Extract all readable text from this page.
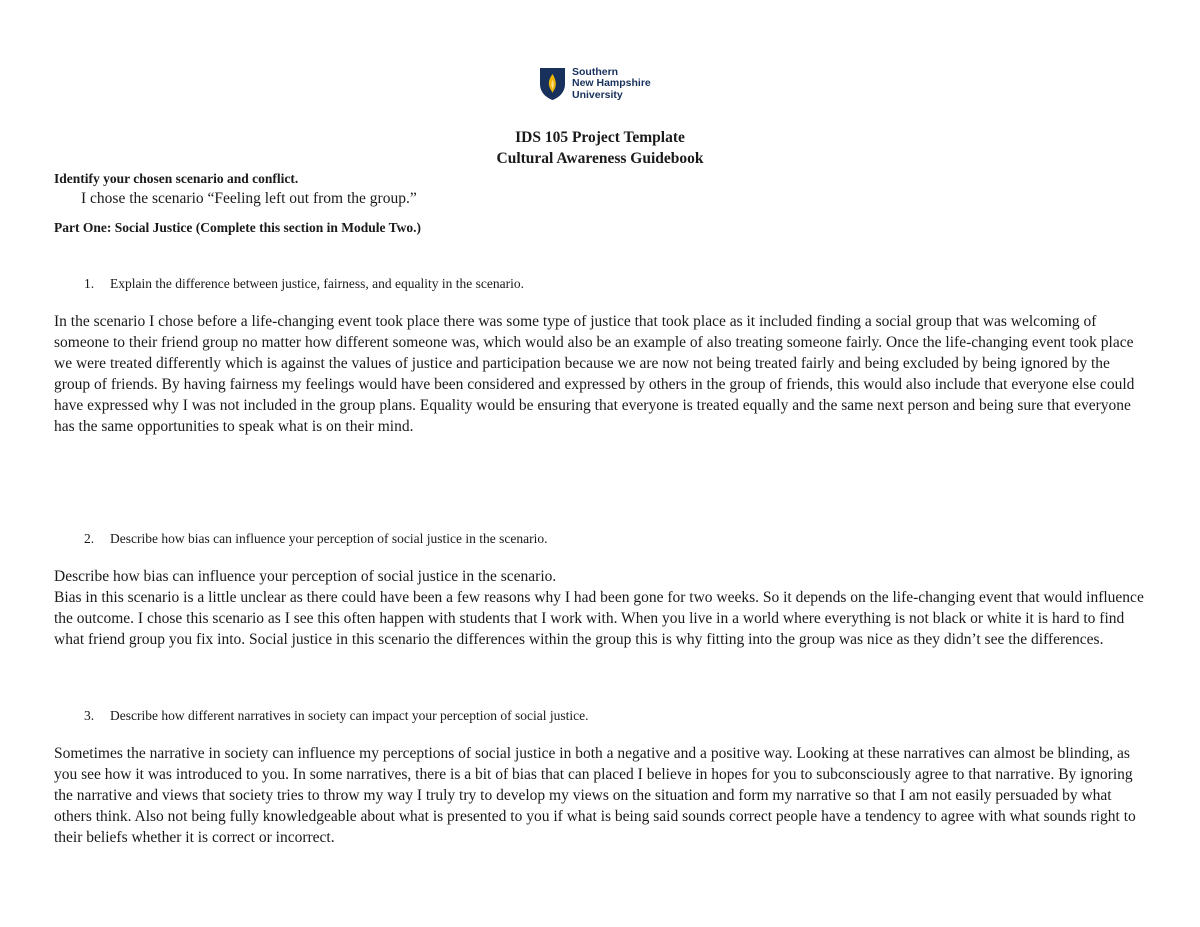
Southern
New Hampshire
University
IDS 105 Project Template
Cultural Awareness Guidebook
Identify your chosen scenario and conflict.
I chose the scenario “Feeling left out from the group.”
Part One: Social Justice (Complete this section in Module Two.)
1. Explain the difference between justice, fairness, and equality in the scenario.
In the scenario I chose before a life-changing event took place there was some type of justice that took place as it included finding a social group that was welcoming of someone to their friend group no matter how different someone was, which would also be an example of also treating someone fairly. Once the life-changing event took place we were treated differently which is against the values of justice and participation because we are now not being treated fairly and being excluded by being ignored by the group of friends. By having fairness my feelings would have been considered and expressed by others in the group of friends, this would also include that everyone else could have expressed why I was not included in the group plans. Equality would be ensuring that everyone is treated equally and the same next person and being sure that everyone has the same opportunities to speak what is on their mind.
2. Describe how bias can influence your perception of social justice in the scenario.
Describe how bias can influence your perception of social justice in the scenario.
Bias in this scenario is a little unclear as there could have been a few reasons why I had been gone for two weeks. So it depends on the life-changing event that would influence the outcome. I chose this scenario as I see this often happen with students that I work with. When you live in a world where everything is not black or white it is hard to find what friend group you fix into. Social justice in this scenario the differences within the group this is why fitting into the group was nice as they didn’t see the differences.
3. Describe how different narratives in society can impact your perception of social justice.
Sometimes the narrative in society can influence my perceptions of social justice in both a negative and a positive way. Looking at these narratives can almost be blinding, as you see how it was introduced to you. In some narratives, there is a bit of bias that can placed I believe in hopes for you to subconsciously agree to that narrative. By ignoring the narrative and views that society tries to throw my way I truly try to develop my views on the situation and form my narrative so that I am not easily persuaded by what others think. Also not being fully knowledgeable about what is presented to you if what is being said sounds correct people have a tendency to agree with what sounds right to their beliefs whether it is correct or incorrect.
